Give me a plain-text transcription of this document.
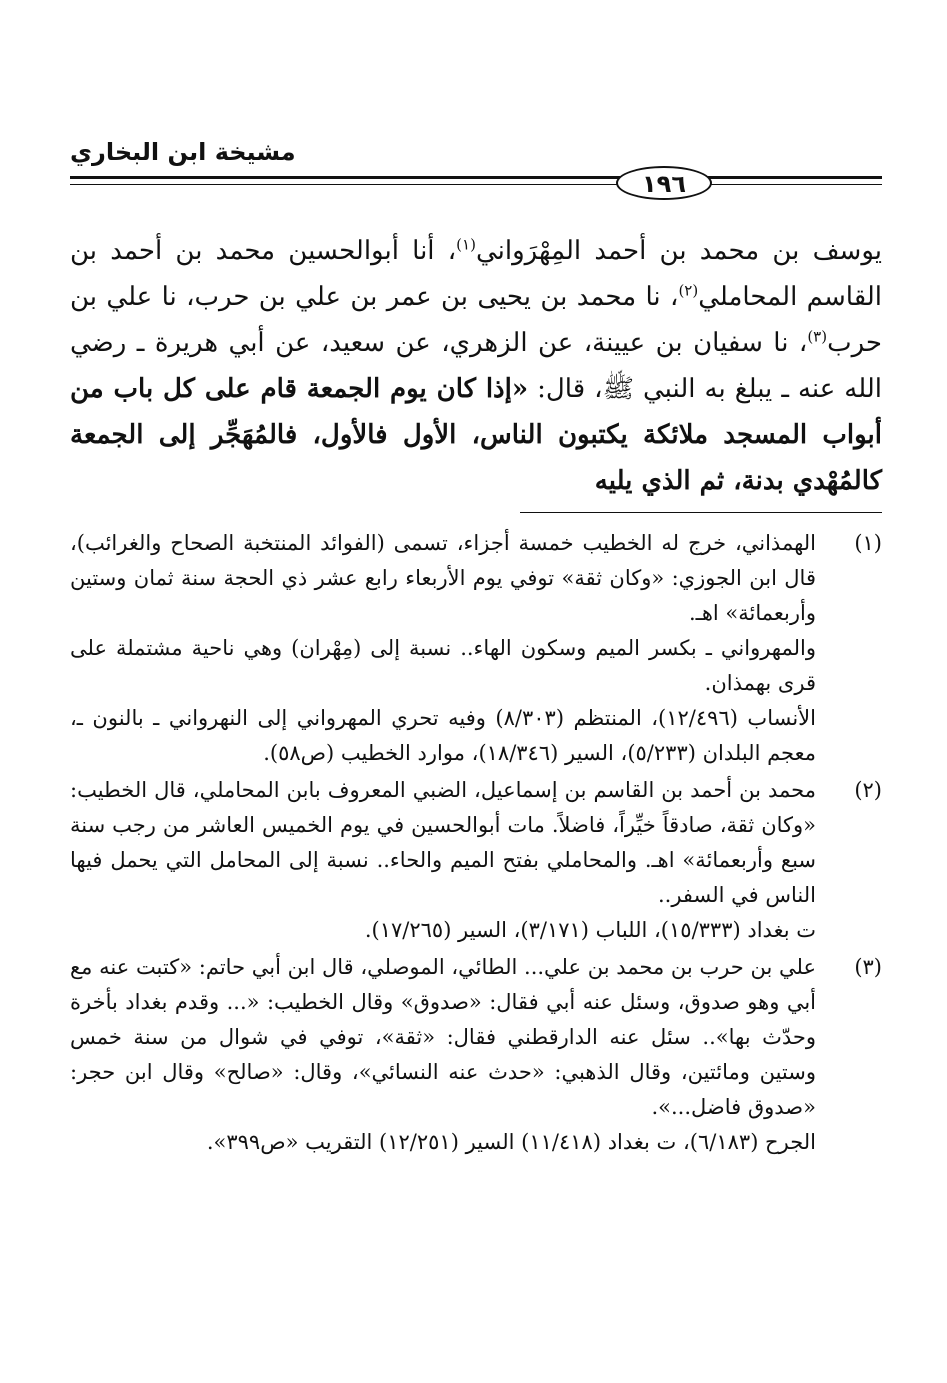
مشيخة ابن البخاري
١٩٦
يوسف بن محمد بن أحمد المِهْرَواني$^{(١)}$، أنا أبوالحسين محمد بن أحمد بن القاسم المحاملي$^{(٢)}$، نا محمد بن يحيى بن عمر بن علي بن حرب، نا علي بن حرب$^{(٣)}$، نا سفيان بن عيينة، عن الزهري، عن سعيد، عن أبي هريرة ـ رضي الله عنه ـ يبلغ به النبي ﷺ، قال: «إذا كان يوم الجمعة قام على كل باب من أبواب المسجد ملائكة يكتبون الناس، الأول فالأول، فالمُهَجِّر إلى الجمعة كالمُهْدي بدنة، ثم الذي يليه
(١)

الهمذاني، خرج له الخطيب خمسة أجزاء، تسمى (الفوائد المنتخبة الصحاح والغرائب)، قال ابن الجوزي: «وكان ثقة» توفي يوم الأربعاء رابع عشر ذي الحجة سنة ثمان وستين وأربعمائة» اهـ.

والمهرواني ـ بكسر الميم وسكون الهاء.. نسبة إلى (مِهْران) وهي ناحية مشتملة على قرى بهمذان.

الأنساب (١٢/٤٩٦)، المنتظم (٨/٣٠٣) وفيه تحري المهرواني إلى النهرواني ـ بالنون ـ، معجم البلدان (٥/٢٣٣)، السير (١٨/٣٤٦)، موارد الخطيب (ص٥٨).

(٢)

محمد بن أحمد بن القاسم بن إسماعيل، الضبي المعروف بابن المحاملي، قال الخطيب: «وكان ثقة، صادقاً خيِّراً، فاضلاً. مات أبوالحسين في يوم الخميس العاشر من رجب سنة سبع وأربعمائة» اهـ. والمحاملي بفتح الميم والحاء.. نسبة إلى المحامل التي يحمل فيها الناس في السفر..

ت بغداد (١٥/٣٣٣)، اللباب (٣/١٧١)، السير (١٧/٢٦٥).

(٣)

علي بن حرب بن محمد بن علي... الطائي، الموصلي، قال ابن أبي حاتم: «كتبت عنه مع أبي وهو صدوق، وسئل عنه أبي فقال: «صدوق» وقال الخطيب: «... وقدم بغداد بأخرة وحدّث بها».. سئل عنه الدارقطني فقال: «ثقة»، توفي في شوال من سنة خمس وستين ومائتين، وقال الذهبي: «حدث عنه النسائي»، وقال: «صالح» وقال ابن حجر: «صدوق فاضل...».

الجرح (٦/١٨٣)، ت بغداد (١١/٤١٨) السير (١٢/٢٥١) التقريب «ص٣٩٩».
